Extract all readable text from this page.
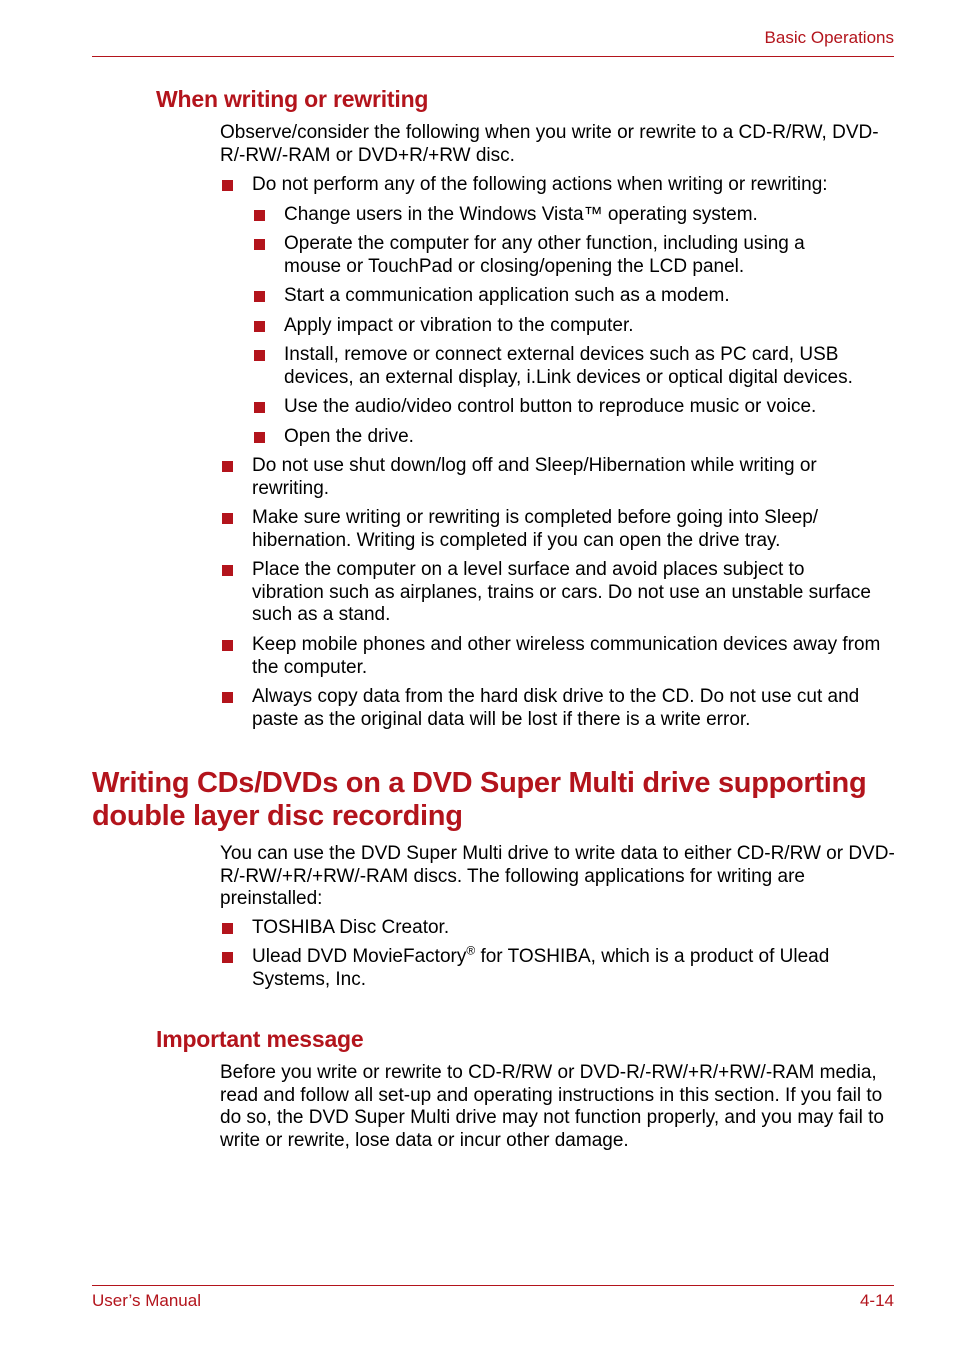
Basic Operations
When writing or rewriting
Observe/consider the following when you write or rewrite to a CD-R/RW, DVD-R/-RW/-RAM or DVD+R/+RW disc.
Do not perform any of the following actions when writing or rewriting:
Change users in the Windows Vista™ operating system.
Operate the computer for any other function, including using a mouse or TouchPad or closing/opening the LCD panel.
Start a communication application such as a modem.
Apply impact or vibration to the computer.
Install, remove or connect external devices such as PC card, USB devices, an external display, i.Link devices or optical digital devices.
Use the audio/video control button to reproduce music or voice.
Open the drive.
Do not use shut down/log off and Sleep/Hibernation while writing or rewriting.
Make sure writing or rewriting is completed before going into Sleep/ hibernation. Writing is completed if you can open the drive tray.
Place the computer on a level surface and avoid places subject to vibration such as airplanes, trains or cars. Do not use an unstable surface such as a stand.
Keep mobile phones and other wireless communication devices away from the computer.
Always copy data from the hard disk drive to the CD. Do not use cut and paste as the original data will be lost if there is a write error.
Writing CDs/DVDs on a DVD Super Multi drive supporting double layer disc recording
You can use the DVD Super Multi drive to write data to either CD-R/RW or DVD-R/-RW/+R/+RW/-RAM discs. The following applications for writing are preinstalled:
TOSHIBA Disc Creator.
Ulead DVD MovieFactory® for TOSHIBA, which is a product of Ulead Systems, Inc.
Important message
Before you write or rewrite to CD-R/RW or DVD-R/-RW/+R/+RW/-RAM media, read and follow all set-up and operating instructions in this section. If you fail to do so, the DVD Super Multi drive may not function properly, and you may fail to write or rewrite, lose data or incur other damage.
User’s Manual	4-14
